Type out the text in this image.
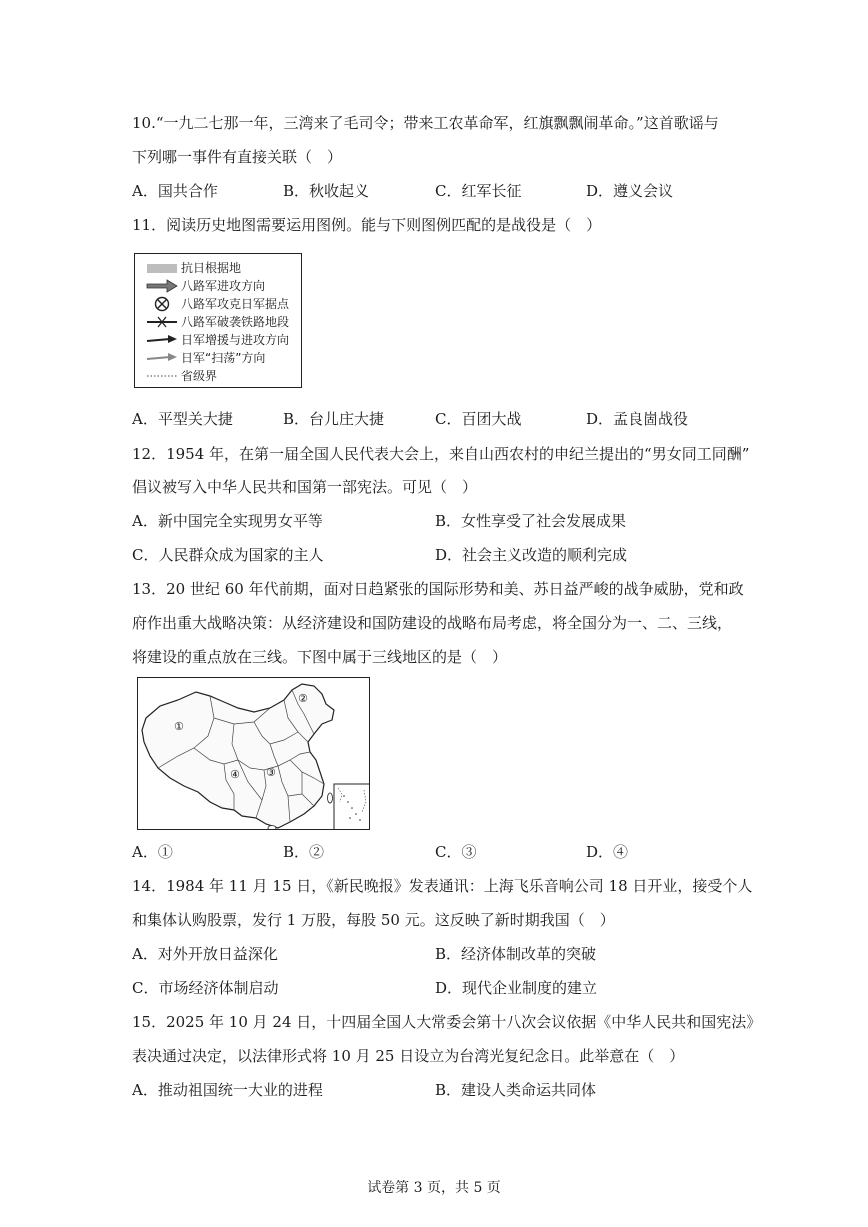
10.“一九二七那一年，三湾来了毛司令；带来工农革命军，红旗飘飘闹革命。”这首歌谣与
下列哪一事件有直接关联（　）
A．国共合作	B．秋收起义	C．红军长征	D．遵义会议
11．阅读历史地图需要运用图例。能与下则图例匹配的是战役是（　）
抗日根据地
八路军进攻方向
八路军攻克日军据点
八路军破袭铁路地段
日军增援与进攻方向
日军“扫荡”方向
省级界
A．平型关大捷	B．台儿庄大捷	C．百团大战	D．孟良崮战役
12．1954 年，在第一届全国人民代表大会上，来自山西农村的申纪兰提出的“男女同工同酬”
倡议被写入中华人民共和国第一部宪法。可见（　）
A．新中国完全实现男女平等	B．女性享受了社会发展成果
C．人民群众成为国家的主人	D．社会主义改造的顺利完成
13．20 世纪 60 年代前期，面对日趋紧张的国际形势和美、苏日益严峻的战争威胁，党和政
府作出重大战略决策：从经济建设和国防建设的战略布局考虑，将全国分为一、二、三线，
将建设的重点放在三线。下图中属于三线地区的是（　）
①
②
③
④
A．①	B．②	C．③	D．④
14．1984 年 11 月 15 日，《新民晚报》发表通讯：上海飞乐音响公司 18 日开业，接受个人
和集体认购股票，发行 1 万股，每股 50 元。这反映了新时期我国（　）
A．对外开放日益深化	B．经济体制改革的突破
C．市场经济体制启动	D．现代企业制度的建立
15．2025 年 10 月 24 日，十四届全国人大常委会第十八次会议依据《中华人民共和国宪法》
表决通过决定，以法律形式将 10 月 25 日设立为台湾光复纪念日。此举意在（　）
A．推动祖国统一大业的进程	B．建设人类命运共同体
试卷第 3 页，共 5 页
